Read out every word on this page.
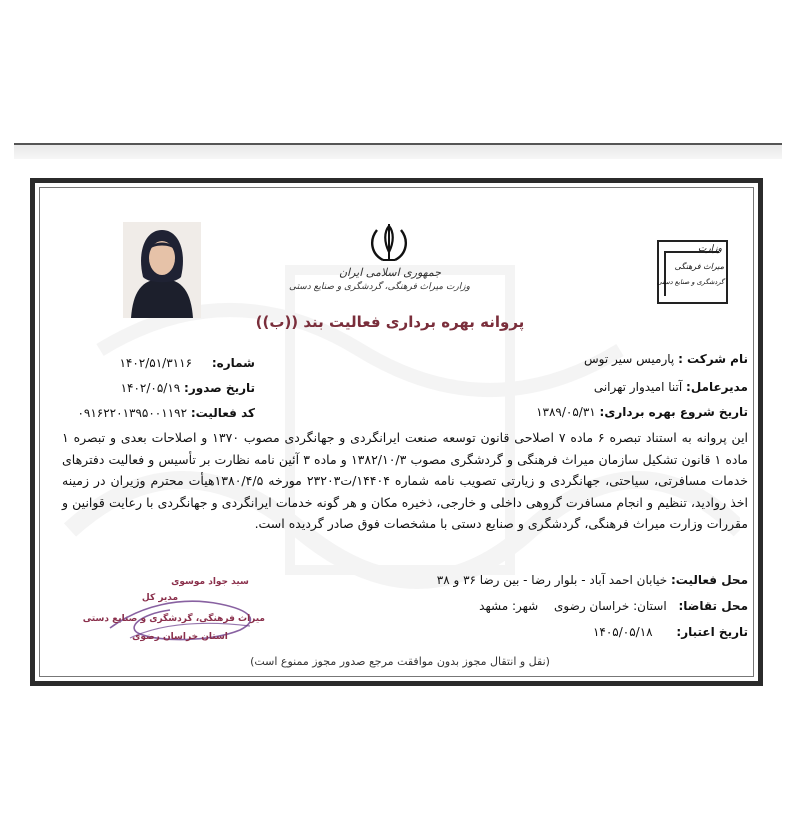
جمهوری اسلامی ایران
وزارت میراث فرهنگی، گردشگری و صنایع دستی
وزارت
میراث فرهنگی
گردشگری و صنایع دستی
پروانه بهره برداری فعالیت بند ((ب))
نام شرکت : پارمیس سیر توس
مدیرعامل: آتنا امیدوار تهرانی
تاریخ شروع بهره برداری: ۱۳۸۹/۰۵/۳۱
شماره: ۱۴۰۲/۵۱/۳۱۱۶
تاریخ صدور: ۱۴۰۲/۰۵/۱۹
کد فعالیت: ۰۹۱۶۲۲۰۱۳۹۵۰۰۱۱۹۲
این پروانه به استناد تبصره ۶ ماده ۷ اصلاحی قانون توسعه صنعت ایرانگردی و جهانگردی مصوب ۱۳۷۰ و اصلاحات بعدی و تبصره ۱ ماده ۱ قانون تشکیل سازمان میراث فرهنگی و گردشگری مصوب ۱۳۸۲/۱۰/۳ و ماده ۳ آئین نامه نظارت بر تأسیس و فعالیت دفترهای خدمات مسافرتی، سیاحتی، جهانگردی و زیارتی تصویب نامه شماره ۱۴۴۰۴/ت۲۳۲۰۳ مورخه ۱۳۸۰/۴/۵هیأت محترم وزیران در زمینه اخذ روادید، تنظیم و انجام مسافرت گروهی داخلی و خارجی، ذخیره مکان و هر گونه خدمات ایرانگردی و جهانگردی با رعایت قوانین و مقررات وزارت میراث فرهنگی، گردشگری و صنایع دستی با مشخصات فوق صادر گردیده است.
محل فعالیت: خیابان احمد آباد - بلوار رضا - بین رضا ۳۶ و ۳۸
محل تقاضا: استان: خراسان رضوی شهر: مشهد
تاریخ اعتبار: ۱۴۰۵/۰۵/۱۸
سید جواد موسوی
مدیر کل
میراث فرهنگی، گردشگری و صنایع دستی
استان خراسان رضوی
(نقل و انتقال مجوز بدون موافقت مرجع صدور مجوز ممنوع است)
